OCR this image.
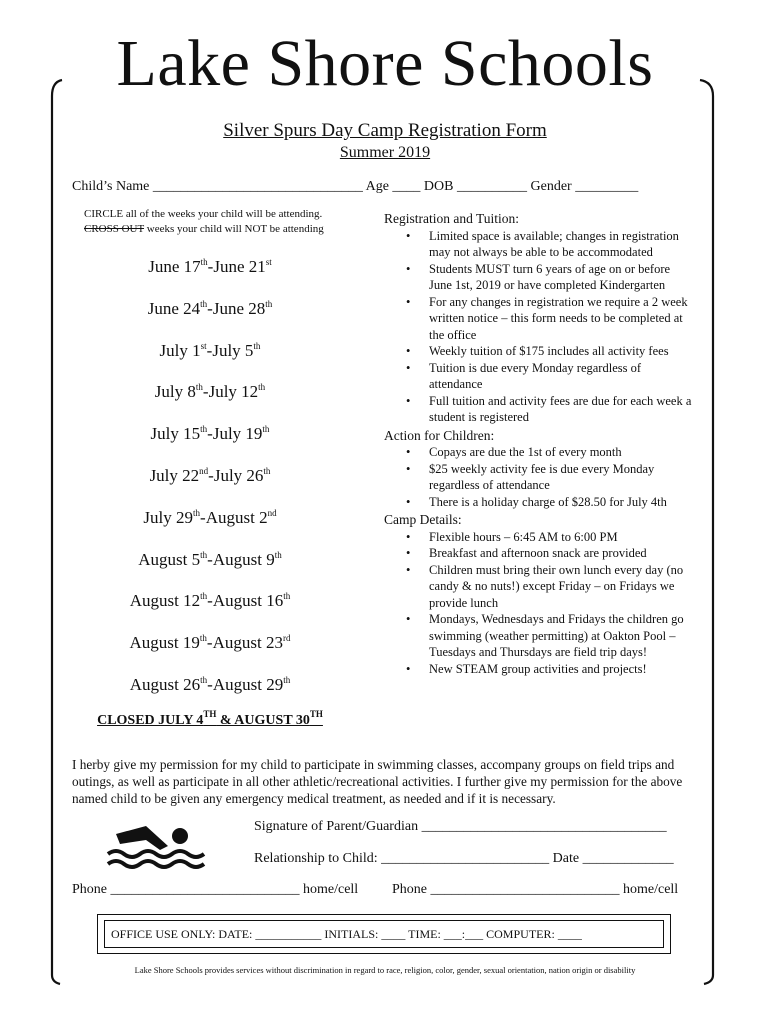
Lake Shore Schools
Silver Spurs Day Camp Registration Form
Summer 2019
Child’s Name ______________________________ Age ____ DOB __________ Gender _________
CIRCLE all of the weeks your child will be attending.
CROSS OUT weeks your child will NOT be attending
June 17th-June 21st
June 24th-June 28th
July 1st-July 5th
July 8th-July 12th
July 15th-July 19th
July 22nd-July 26th
July 29th-August 2nd
August 5th-August 9th
August 12th-August 16th
August 19th-August 23rd
August 26th-August 29th
CLOSED JULY 4TH & AUGUST 30TH
Registration and Tuition:
• Limited space is available; changes in registration may not always be able to be accommodated
• Students MUST turn 6 years of age on or before June 1st, 2019 or have completed Kindergarten
• For any changes in registration we require a 2 week written notice – this form needs to be completed at the office
• Weekly tuition of $175 includes all activity fees
• Tuition is due every Monday regardless of attendance
• Full tuition and activity fees are due for each week a student is registered
Action for Children:
• Copays are due the 1st of every month
• $25 weekly activity fee is due every Monday regardless of attendance
• There is a holiday charge of $28.50 for July 4th
Camp Details:
• Flexible hours – 6:45 AM to 6:00 PM
• Breakfast and afternoon snack are provided
• Children must bring their own lunch every day (no candy & no nuts!) except Friday – on Fridays we provide lunch
• Mondays, Wednesdays and Fridays the children go swimming (weather permitting) at Oakton Pool – Tuesdays and Thursdays are field trip days!
• New STEAM group activities and projects!
I herby give my permission for my child to participate in swimming classes, accompany groups on field trips and outings, as well as participate in all other athletic/recreational activities. I further give my permission for the above named child to be given any emergency medical treatment, as needed and if it is necessary.
Signature of Parent/Guardian ___________________________________
Relationship to Child: ________________________ Date _____________
Phone ___________________________ home/cell Phone ___________________________ home/cell
OFFICE USE ONLY: DATE: ___________ INITIALS: ____ TIME: ___:___ COMPUTER: ____
Lake Shore Schools provides services without discrimination in regard to race, religion, color, gender, sexual orientation, nation origin or disability
